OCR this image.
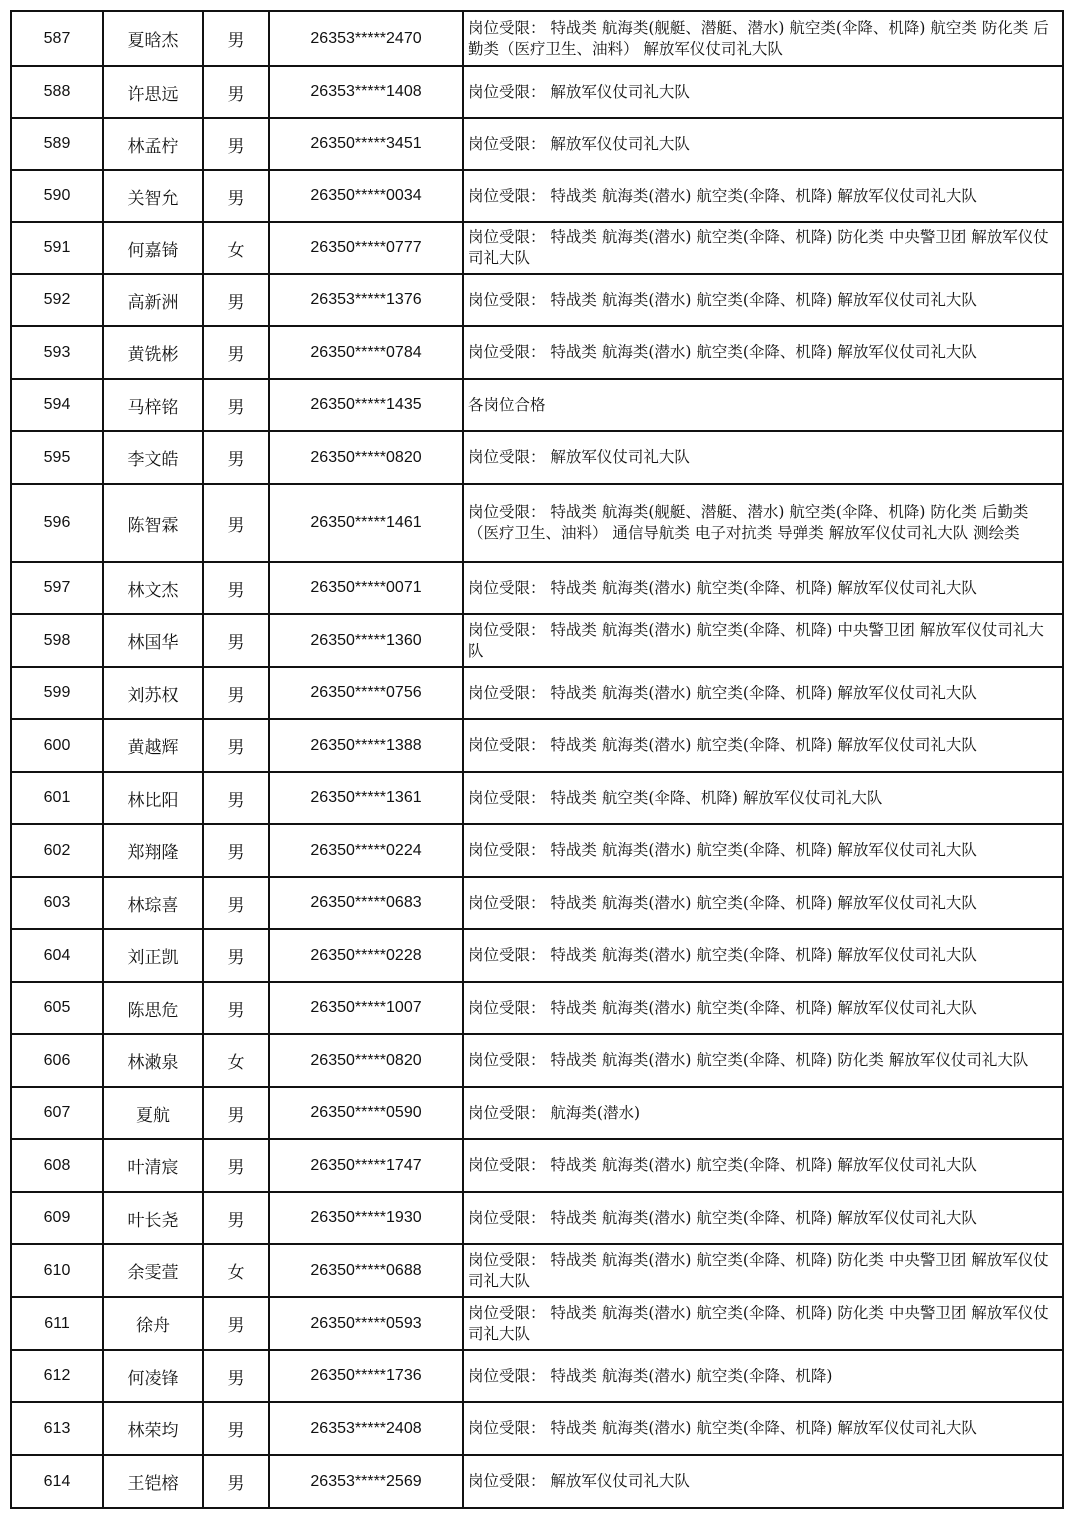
587	夏晗杰	男	26353*****2470	岗位受限： 特战类 航海类(舰艇、潜艇、潜水) 航空类(伞降、机降) 航空类 防化类 后勤类（医疗卫生、油料） 解放军仪仗司礼大队
588	许思远	男	26353*****1408	岗位受限： 解放军仪仗司礼大队
589	林孟柠	男	26350*****3451	岗位受限： 解放军仪仗司礼大队
590	关智允	男	26350*****0034	岗位受限： 特战类 航海类(潜水) 航空类(伞降、机降) 解放军仪仗司礼大队
591	何嘉锜	女	26350*****0777	岗位受限： 特战类 航海类(潜水) 航空类(伞降、机降) 防化类 中央警卫团 解放军仪仗司礼大队
592	高新洲	男	26353*****1376	岗位受限： 特战类 航海类(潜水) 航空类(伞降、机降) 解放军仪仗司礼大队
593	黄铣彬	男	26350*****0784	岗位受限： 特战类 航海类(潜水) 航空类(伞降、机降) 解放军仪仗司礼大队
594	马梓铭	男	26350*****1435	各岗位合格
595	李文皓	男	26350*****0820	岗位受限： 解放军仪仗司礼大队
596	陈智霖	男	26350*****1461	岗位受限： 特战类 航海类(舰艇、潜艇、潜水) 航空类(伞降、机降) 防化类 后勤类（医疗卫生、油料） 通信导航类 电子对抗类 导弹类 解放军仪仗司礼大队 测绘类
597	林文杰	男	26350*****0071	岗位受限： 特战类 航海类(潜水) 航空类(伞降、机降) 解放军仪仗司礼大队
598	林国华	男	26350*****1360	岗位受限： 特战类 航海类(潜水) 航空类(伞降、机降) 中央警卫团 解放军仪仗司礼大队
599	刘苏权	男	26350*****0756	岗位受限： 特战类 航海类(潜水) 航空类(伞降、机降) 解放军仪仗司礼大队
600	黄越辉	男	26350*****1388	岗位受限： 特战类 航海类(潜水) 航空类(伞降、机降) 解放军仪仗司礼大队
601	林比阳	男	26350*****1361	岗位受限： 特战类 航空类(伞降、机降) 解放军仪仗司礼大队
602	郑翔隆	男	26350*****0224	岗位受限： 特战类 航海类(潜水) 航空类(伞降、机降) 解放军仪仗司礼大队
603	林琮喜	男	26350*****0683	岗位受限： 特战类 航海类(潜水) 航空类(伞降、机降) 解放军仪仗司礼大队
604	刘正凯	男	26350*****0228	岗位受限： 特战类 航海类(潜水) 航空类(伞降、机降) 解放军仪仗司礼大队
605	陈思危	男	26350*****1007	岗位受限： 特战类 航海类(潜水) 航空类(伞降、机降) 解放军仪仗司礼大队
606	林潄泉	女	26350*****0820	岗位受限： 特战类 航海类(潜水) 航空类(伞降、机降) 防化类 解放军仪仗司礼大队
607	夏航	男	26350*****0590	岗位受限： 航海类(潜水)
608	叶清宸	男	26350*****1747	岗位受限： 特战类 航海类(潜水) 航空类(伞降、机降) 解放军仪仗司礼大队
609	叶长尧	男	26350*****1930	岗位受限： 特战类 航海类(潜水) 航空类(伞降、机降) 解放军仪仗司礼大队
610	余雯萱	女	26350*****0688	岗位受限： 特战类 航海类(潜水) 航空类(伞降、机降) 防化类 中央警卫团 解放军仪仗司礼大队
611	徐舟	男	26350*****0593	岗位受限： 特战类 航海类(潜水) 航空类(伞降、机降) 防化类 中央警卫团 解放军仪仗司礼大队
612	何凌锋	男	26350*****1736	岗位受限： 特战类 航海类(潜水) 航空类(伞降、机降)
613	林荣均	男	26353*****2408	岗位受限： 特战类 航海类(潜水) 航空类(伞降、机降) 解放军仪仗司礼大队
614	王铠榕	男	26353*****2569	岗位受限： 解放军仪仗司礼大队
